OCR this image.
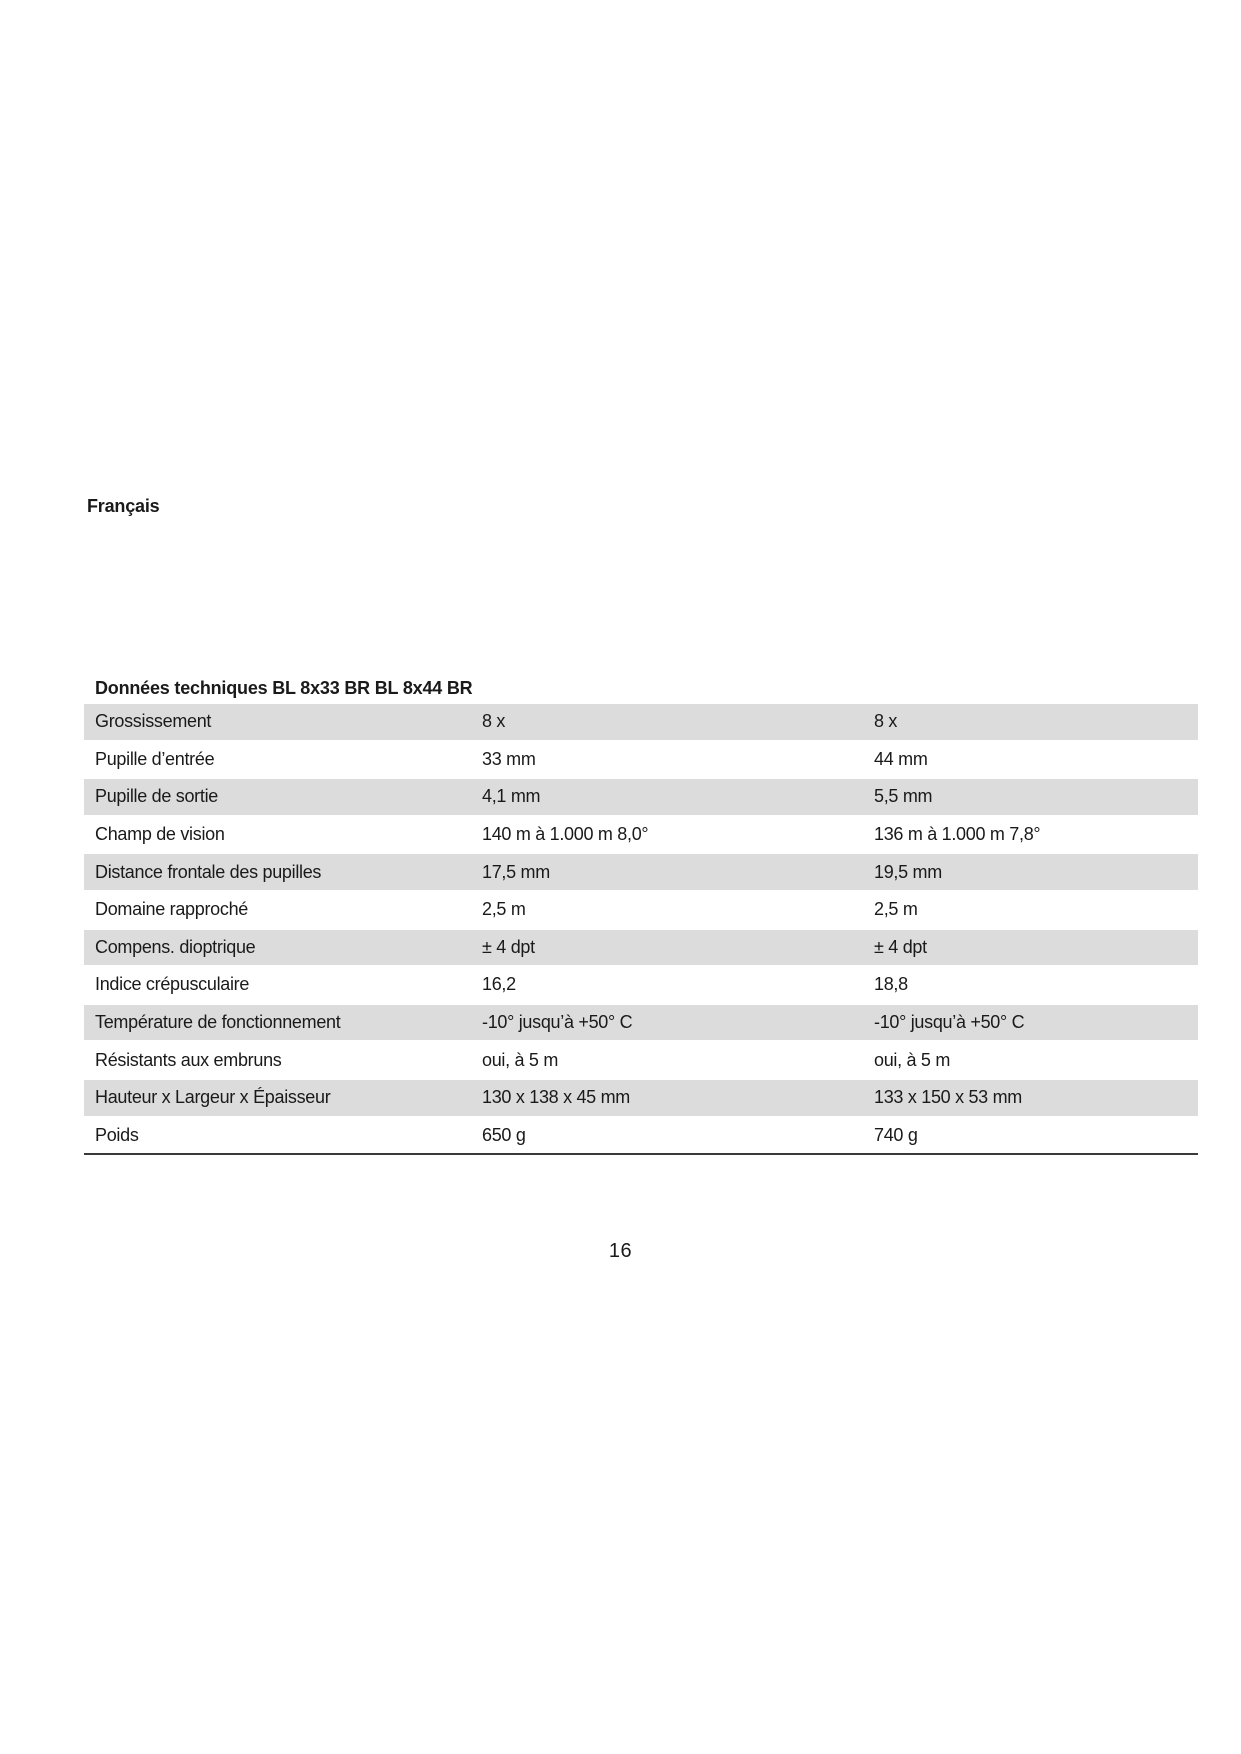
Français
Données techniques BL 8x33 BR BL 8x44 BR
Grossissement	8 x	8 x
Pupille d’entrée	33 mm	44 mm
Pupille de sortie	4,1 mm	5,5 mm
Champ de vision	140 m à 1.000 m 8,0°	136 m à 1.000 m 7,8°
Distance frontale des pupilles	17,5 mm	19,5 mm
Domaine rapproché	2,5 m	2,5 m
Compens. dioptrique	± 4 dpt	± 4 dpt
Indice crépusculaire	16,2	18,8
Température de fonctionnement	-10° jusqu’à +50° C	-10° jusqu’à +50° C
Résistants aux embruns	oui, à 5 m	oui, à 5 m
Hauteur x Largeur x Épaisseur	130 x 138 x 45 mm	133 x 150 x 53 mm
Poids	650 g	740 g
16
